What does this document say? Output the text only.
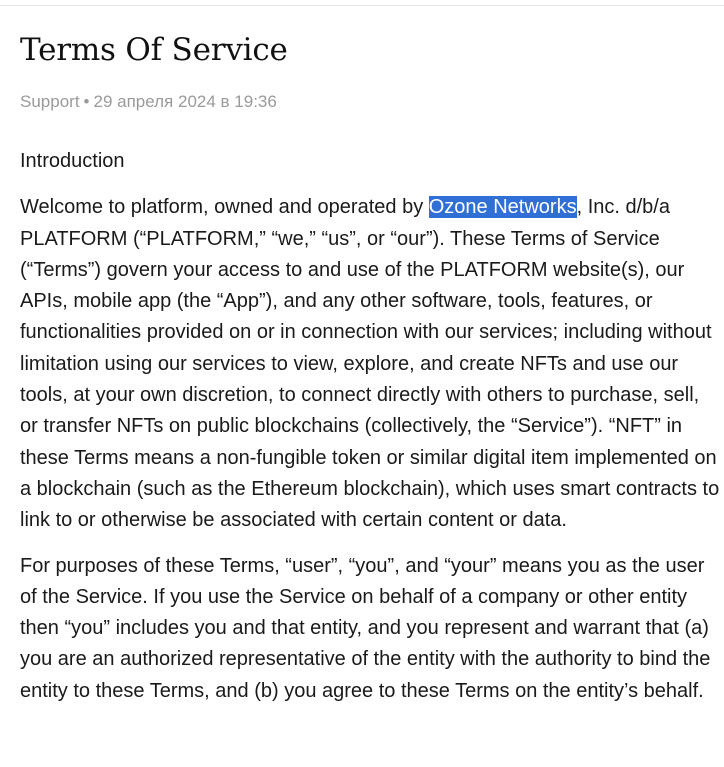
Terms Of Service
Support • 29 апреля 2024 в 19:36

Introduction

Welcome to platform, owned and operated by Ozone Networks, Inc. d/b/a PLATFORM (“PLATFORM,” “we,” “us”, or “our”). These Terms of Service (“Terms”) govern your access to and use of the PLATFORM website(s), our APIs, mobile app (the “App”), and any other software, tools, features, or functionalities provided on or in connection with our services; including without limitation using our services to view, explore, and create NFTs and use our tools, at your own discretion, to connect directly with others to purchase, sell, or transfer NFTs on public blockchains (collectively, the “Service”). “NFT” in these Terms means a non-fungible token or similar digital item implemented on a blockchain (such as the Ethereum blockchain), which uses smart contracts to link to or otherwise be associated with certain content or data.

For purposes of these Terms, “user”, “you”, and “your” means you as the user of the Service. If you use the Service on behalf of a company or other entity then “you” includes you and that entity, and you represent and warrant that (a) you are an authorized representative of the entity with the authority to bind the entity to these Terms, and (b) you agree to these Terms on the entity’s behalf.
